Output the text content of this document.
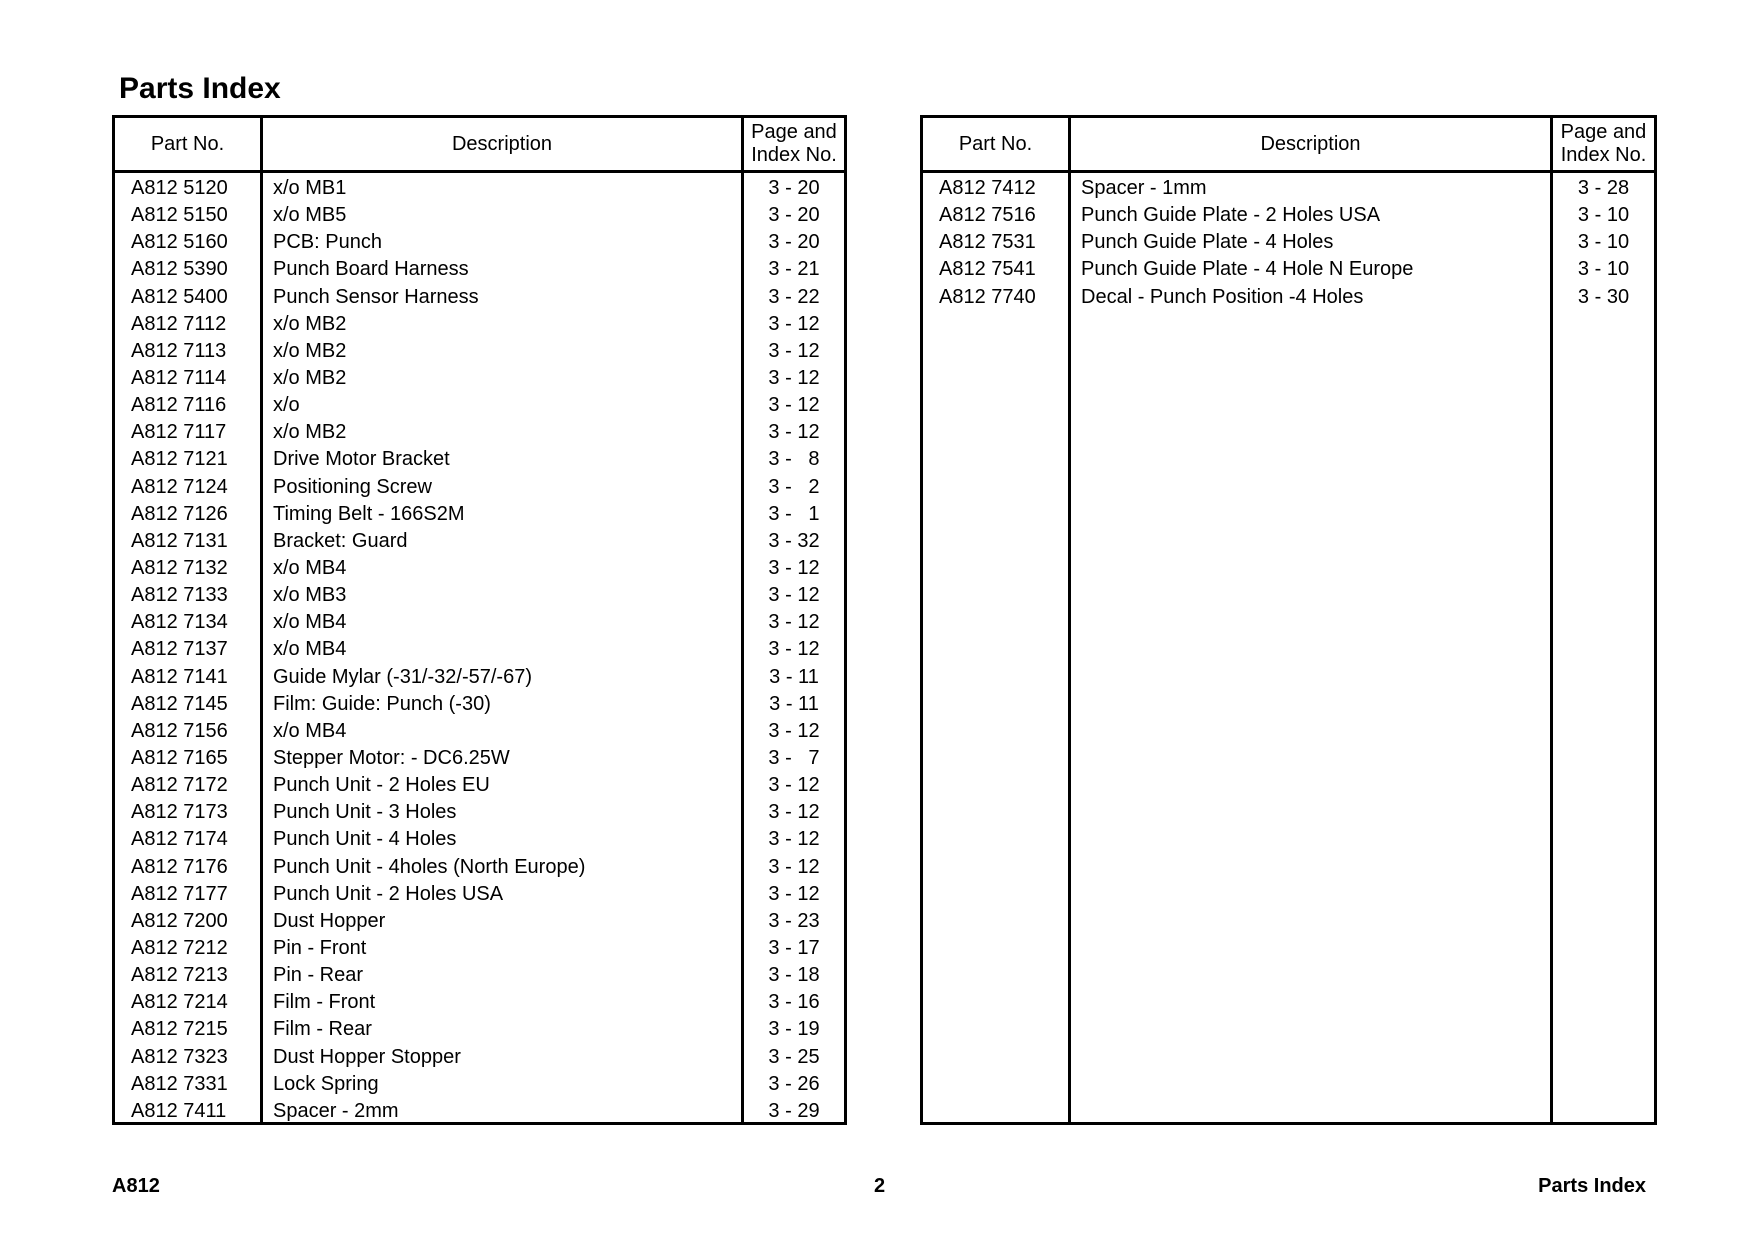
Parts Index
Part No.	Description
Page and
Index No.
A812 5120 x/o MB1	3 - 20
A812 5150 x/o MB5	3 - 20
A812 5160 PCB: Punch	3 - 20
A812 5390 Punch Board Harness	3 - 21
A812 5400 Punch Sensor Harness	3 - 22
A812 7112 x/o MB2	3 - 12
A812 7113 x/o MB2	3 - 12
A812 7114 x/o MB2	3 - 12
A812 7116 x/o	3 - 12
A812 7117 x/o MB2	3 - 12
A812 7121 Drive Motor Bracket	3 -   8
A812 7124 Positioning Screw	3 -   2
A812 7126 Timing Belt - 166S2M	3 -   1
A812 7131 Bracket: Guard	3 - 32
A812 7132 x/o MB4	3 - 12
A812 7133 x/o MB3	3 - 12
A812 7134 x/o MB4	3 - 12
A812 7137 x/o MB4	3 - 12
A812 7141 Guide Mylar (-31/-32/-57/-67)	3 - 11
A812 7145 Film: Guide: Punch (-30)	3 - 11
A812 7156 x/o MB4	3 - 12
A812 7165 Stepper Motor: - DC6.25W	3 -   7
A812 7172 Punch Unit - 2 Holes EU	3 - 12
A812 7173 Punch Unit - 3 Holes	3 - 12
A812 7174 Punch Unit - 4 Holes	3 - 12
A812 7176 Punch Unit - 4holes (North Europe)	3 - 12
A812 7177 Punch Unit - 2 Holes USA	3 - 12
A812 7200 Dust Hopper	3 - 23
A812 7212 Pin - Front	3 - 17
A812 7213 Pin - Rear	3 - 18
A812 7214 Film - Front	3 - 16
A812 7215 Film - Rear	3 - 19
A812 7323 Dust Hopper Stopper	3 - 25
A812 7331 Lock Spring	3 - 26
A812 7411 Spacer - 2mm	3 - 29
Part No.	Description
Page and
Index No.
A812 7412 Spacer - 1mm	3 - 28
A812 7516 Punch Guide Plate - 2 Holes USA	3 - 10
A812 7531 Punch Guide Plate - 4 Holes	3 - 10
A812 7541 Punch Guide Plate - 4 Hole N Europe	3 - 10
A812 7740 Decal - Punch Position -4 Holes	3 - 30
A812	2	Parts Index
